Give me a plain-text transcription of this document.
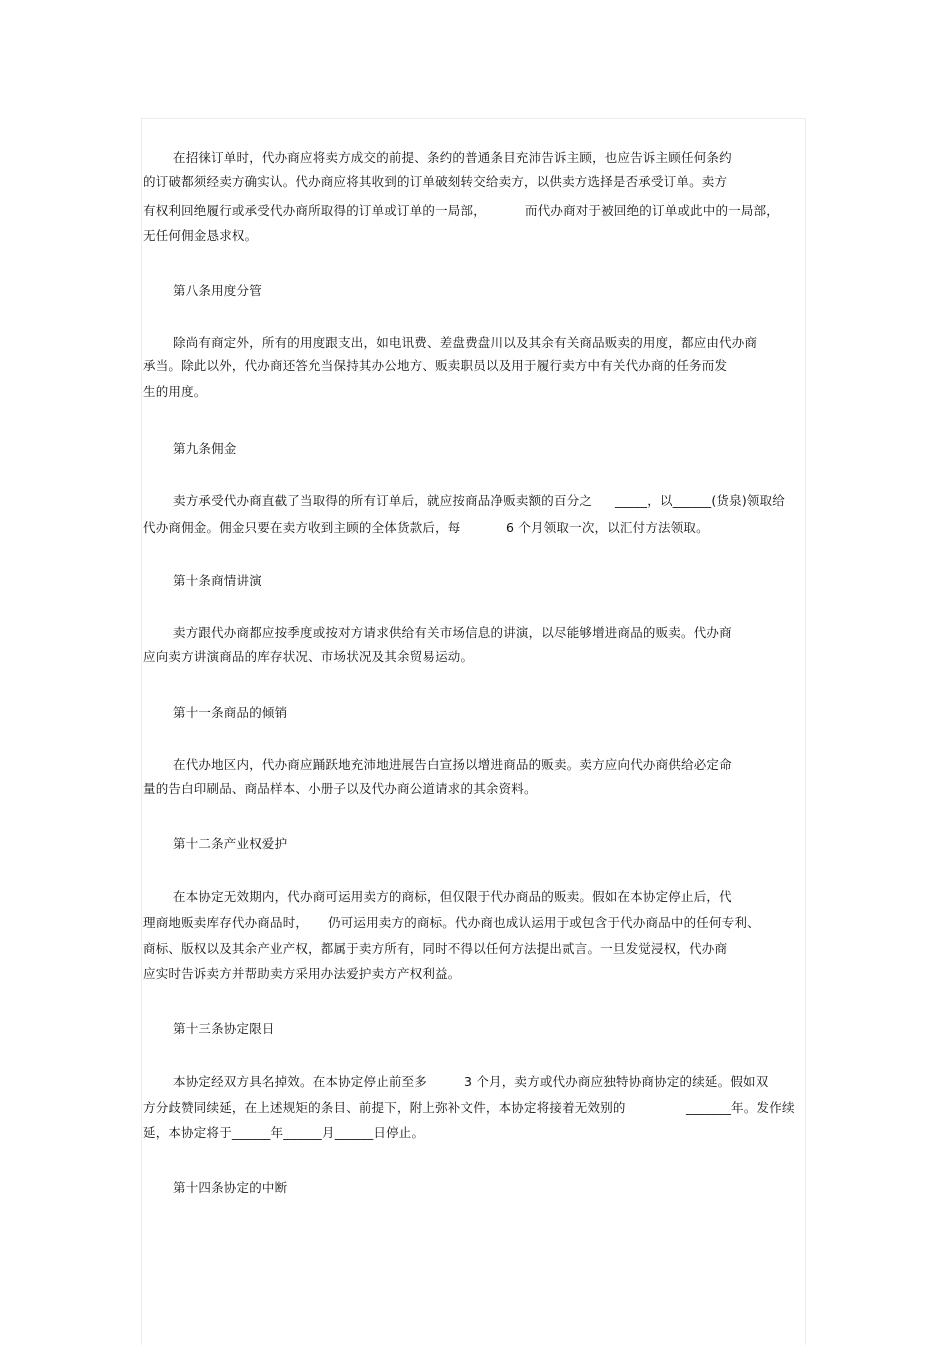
在招徕订单时，代办商应将卖方成交的前提、条约的普通条目充沛告诉主顾，也应告诉主顾任何条约
的订破都须经卖方确实认。代办商应将其收到的订单破刻转交给卖方，以供卖方选择是否承受订单。卖方
有权利回绝履行或承受代办商所取得的订单或订单的一局部，	而代办商对于被回绝的订单或此中的一局部，
无任何佣金恳求权。
第八条用度分管
除尚有商定外，所有的用度跟支出，如电讯费、差盘费盘川以及其余有关商品贩卖的用度，都应由代办商
承当。除此以外，代办商还答允当保持其办公地方、贩卖职员以及用于履行卖方中有关代办商的任务而发
生的用度。
第九条佣金
卖方承受代办商直截了当取得的所有订单后，就应按商品净贩卖额的百分之 _____，以______(货泉)领取给
代办商佣金。佣金只要在卖方收到主顾的全体货款后，每	6 个月领取一次，以汇付方法领取。
第十条商情讲演
卖方跟代办商都应按季度或按对方请求供给有关市场信息的讲演，以尽能够增进商品的贩卖。代办商
应向卖方讲演商品的库存状况、市场状况及其余贸易运动。
第十一条商品的倾销
在代办地区内，代办商应踊跃地充沛地进展告白宣扬以增进商品的贩卖。卖方应向代办商供给必定命
量的告白印刷品、商品样本、小册子以及代办商公道请求的其余资料。
第十二条产业权爱护
在本协定无效期内，代办商可运用卖方的商标，但仅限于代办商品的贩卖。假如在本协定停止后，代
理商地贩卖库存代办商品时， 仍可运用卖方的商标。代办商也成认运用于或包含于代办商品中的任何专利、
商标、版权以及其余产业产权，都属于卖方所有，同时不得以任何方法提出贰言。一旦发觉浸权，代办商
应实时告诉卖方并帮助卖方采用办法爱护卖方产权利益。
第十三条协定限日
本协定经双方具名掉效。在本协定停止前至多	3 个月，卖方或代办商应独特协商协定的续延。假如双
方分歧赞同续延，在上述规矩的条目、前提下，附上弥补文件，本协定将接着无效别的	_______年。发作续
延，本协定将于______年______月______日停止。
第十四条协定的中断
